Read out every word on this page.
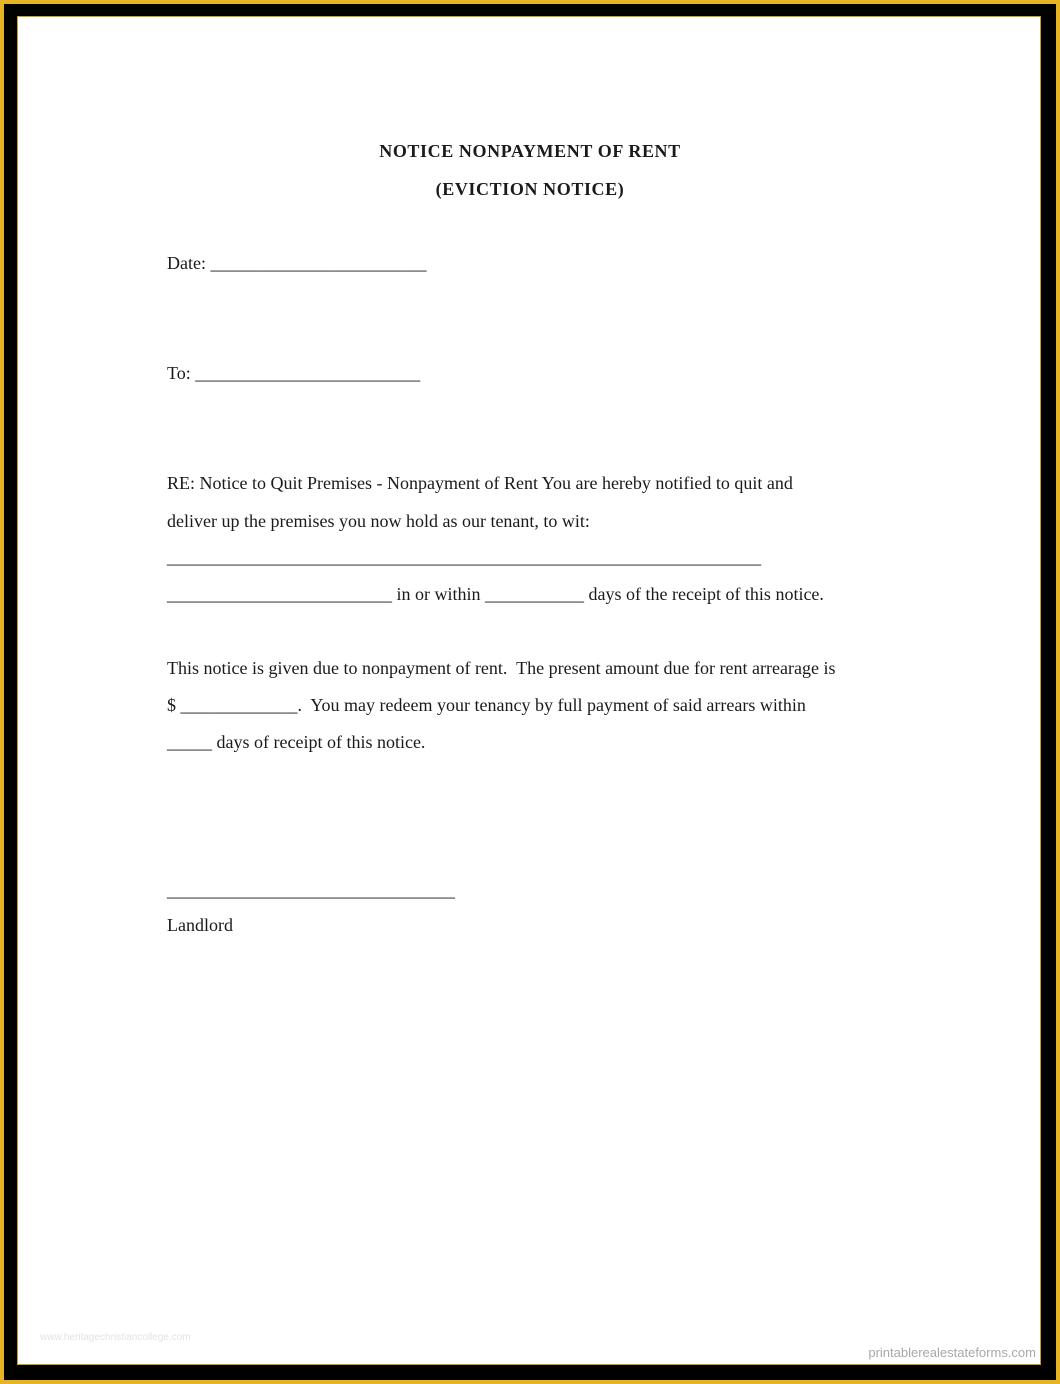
NOTICE NONPAYMENT OF RENT
(EVICTION NOTICE)
Date: ________________________
To: _________________________
RE: Notice to Quit Premises - Nonpayment of Rent You are hereby notified to quit and
deliver up the premises you now hold as our tenant, to wit:
__________________________________________________________________
_________________________ in or within ___________ days of the receipt of this notice.
This notice is given due to nonpayment of rent.  The present amount due for rent arrearage is
$ _____________.  You may redeem your tenancy by full payment of said arrears within
_____ days of receipt of this notice.
________________________________
Landlord
www.heritagechristiancollege.com
printablerealestateforms.com
